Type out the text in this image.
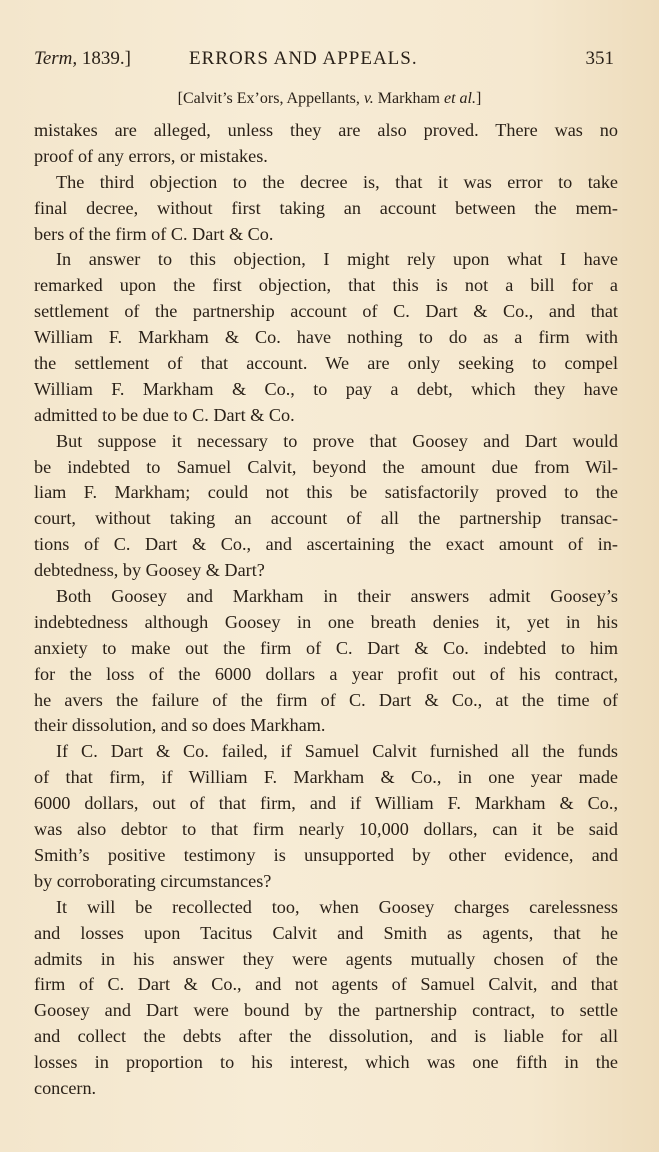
Term, 1839.]	ERRORS AND APPEALS.	351
[Calvit’s Ex’ors, Appellants, v. Markham et al.]
mistakes are alleged, unless they are also proved. There was no
proof of any errors, or mistakes.
The third objection to the decree is, that it was error to take
final decree, without first taking an account between the mem-
bers of the firm of C. Dart & Co.
In answer to this objection, I might rely upon what I have
remarked upon the first objection, that this is not a bill for a
settlement of the partnership account of C. Dart & Co., and that
William F. Markham & Co. have nothing to do as a firm with
the settlement of that account. We are only seeking to compel
William F. Markham & Co., to pay a debt, which they have
admitted to be due to C. Dart & Co.
But suppose it necessary to prove that Goosey and Dart would
be indebted to Samuel Calvit, beyond the amount due from Wil-
liam F. Markham; could not this be satisfactorily proved to the
court, without taking an account of all the partnership transac-
tions of C. Dart & Co., and ascertaining the exact amount of in-
debtedness, by Goosey & Dart?
Both Goosey and Markham in their answers admit Goosey’s
indebtedness although Goosey in one breath denies it, yet in his
anxiety to make out the firm of C. Dart & Co. indebted to him
for the loss of the 6000 dollars a year profit out of his contract,
he avers the failure of the firm of C. Dart & Co., at the time of
their dissolution, and so does Markham.
If C. Dart & Co. failed, if Samuel Calvit furnished all the funds
of that firm, if William F. Markham & Co., in one year made
6000 dollars, out of that firm, and if William F. Markham & Co.,
was also debtor to that firm nearly 10,000 dollars, can it be said
Smith’s positive testimony is unsupported by other evidence, and
by corroborating circumstances?
It will be recollected too, when Goosey charges carelessness
and losses upon Tacitus Calvit and Smith as agents, that he
admits in his answer they were agents mutually chosen of the
firm of C. Dart & Co., and not agents of Samuel Calvit, and that
Goosey and Dart were bound by the partnership contract, to settle
and collect the debts after the dissolution, and is liable for all
losses in proportion to his interest, which was one fifth in the
concern.
